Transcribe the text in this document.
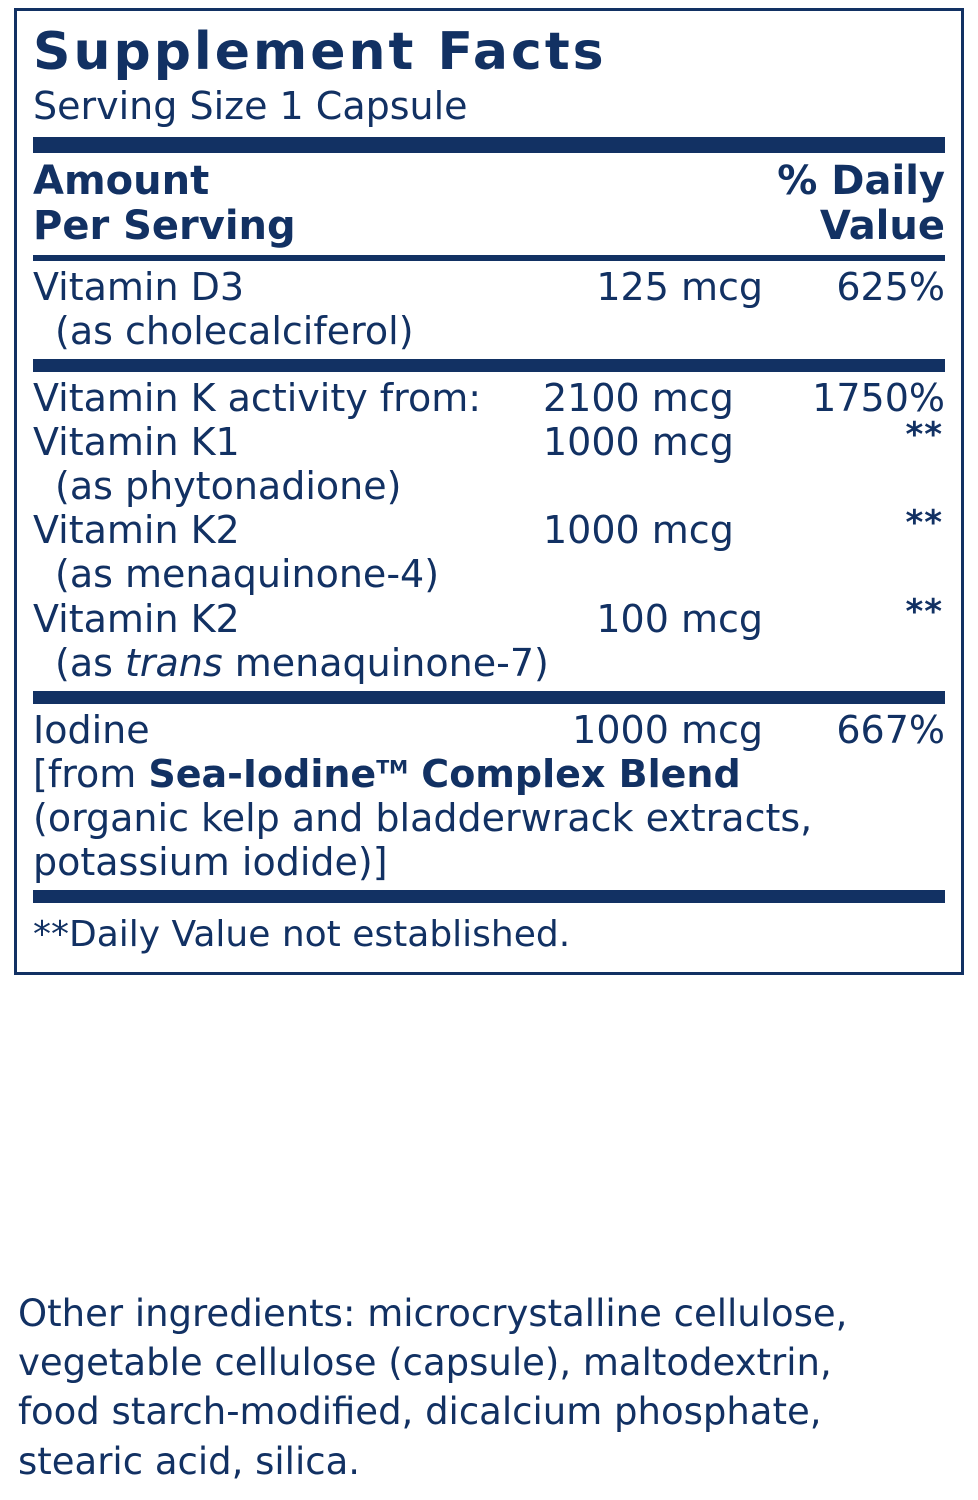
Supplement Facts
Serving Size 1 Capsule
Amount
Per Serving
% Daily
Value
Vitamin D3	125 mcg 625%
(as cholecalciferol)
Vitamin K activity from: 2100 mcg	1750%
Vitamin K1	1000 mcg	**
(as phytonadione)
Vitamin K2	1000 mcg	**
(as menaquinone-4)
Vitamin K2	100 mcg	**
(as trans menaquinone-7)
Iodine	1000 mcg 667%
[from Sea-Iodine™ Complex Blend
(organic kelp and bladderwrack extracts,
potassium iodide)]
**Daily Value not established.
Other ingredients: microcrystalline cellulose,
vegetable cellulose (capsule), maltodextrin,
food starch-modified, dicalcium phosphate,
stearic acid, silica.
